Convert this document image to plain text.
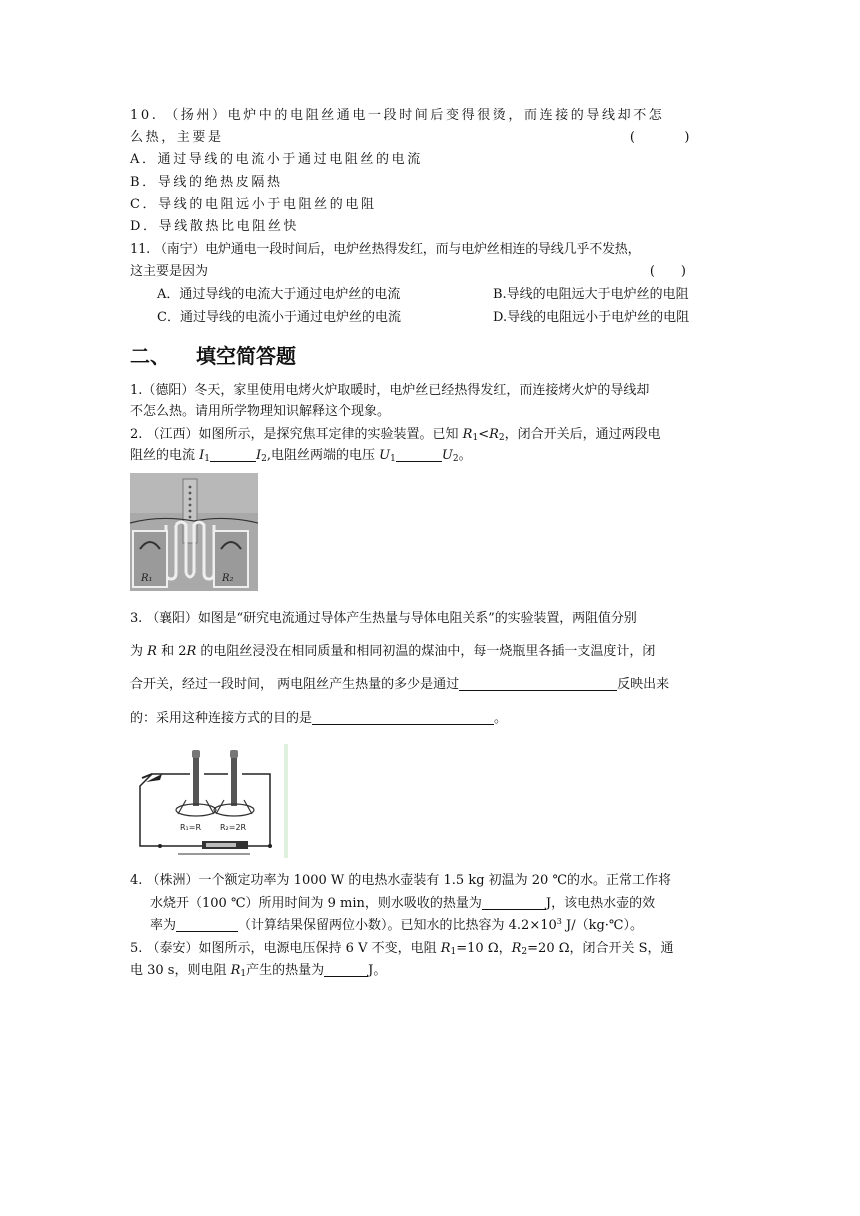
10. （扬州）电炉中的电阻丝通电一段时间后变得很烫，而连接的导线却不怎
么热，主要是	(　　　)
A．通过导线的电流小于通过电阻丝的电流
B．导线的绝热皮隔热
C．导线的电阻远小于电阻丝的电阻
D．导线散热比电阻丝快
11. （南宁）电炉通电一段时间后，电炉丝热得发红，而与电炉丝相连的导线几乎不发热，
这主要是因为	(　　)
A．通过导线的电流大于通过电炉丝的电流	B.导线的电阻远大于电炉丝的电阻
C．通过导线的电流小于通过电炉丝的电流	D.导线的电阻远小于电炉丝的电阻
二、 填空简答题
1.（德阳）冬天，家里使用电烤火炉取暖时，电炉丝已经热得发红，而连接烤火炉的导线却
不怎么热。请用所学物理知识解释这个现象。
2. （江西）如图所示，是探究焦耳定律的实验装置。已知 $R_1<R_2$，闭合开关后，通过两段电
阻丝的电流 $I_1$	$I_2$,电阻丝两端的电压 $U_1$	$U_2$。
R₁	R₂
3. （襄阳）如图是“研究电流通过导体产生热量与导体电阻关系”的实验装置，两阻值分别
为 R 和 2R 的电阻丝浸没在相同质量和相同初温的煤油中，每一烧瓶里各插一支温度计，闭
合开关，经过一段时间， 两电阻丝产生热量的多少是通过	反映出来
的：采用这种连接方式的目的是	。
R₁=R R₂=2R
4. （株洲）一个额定功率为 1000 W 的电热水壶装有 1.5 kg 初温为 20 ℃的水。正常工作将
水烧开（100 ℃）所用时间为 9 min，则水吸收的热量为	J，该电热水壶的效
率为	（计算结果保留两位小数）。已知水的比热容为 $4.2\times 10^3$ J/（kg·℃）。
5. （泰安）如图所示，电源电压保持 6 V 不变，电阻 $R_1=10$ Ω，$R_2=20$ Ω，闭合开关 S，通
电 30 s，则电阻 $R_1$产生的热量为	J。
